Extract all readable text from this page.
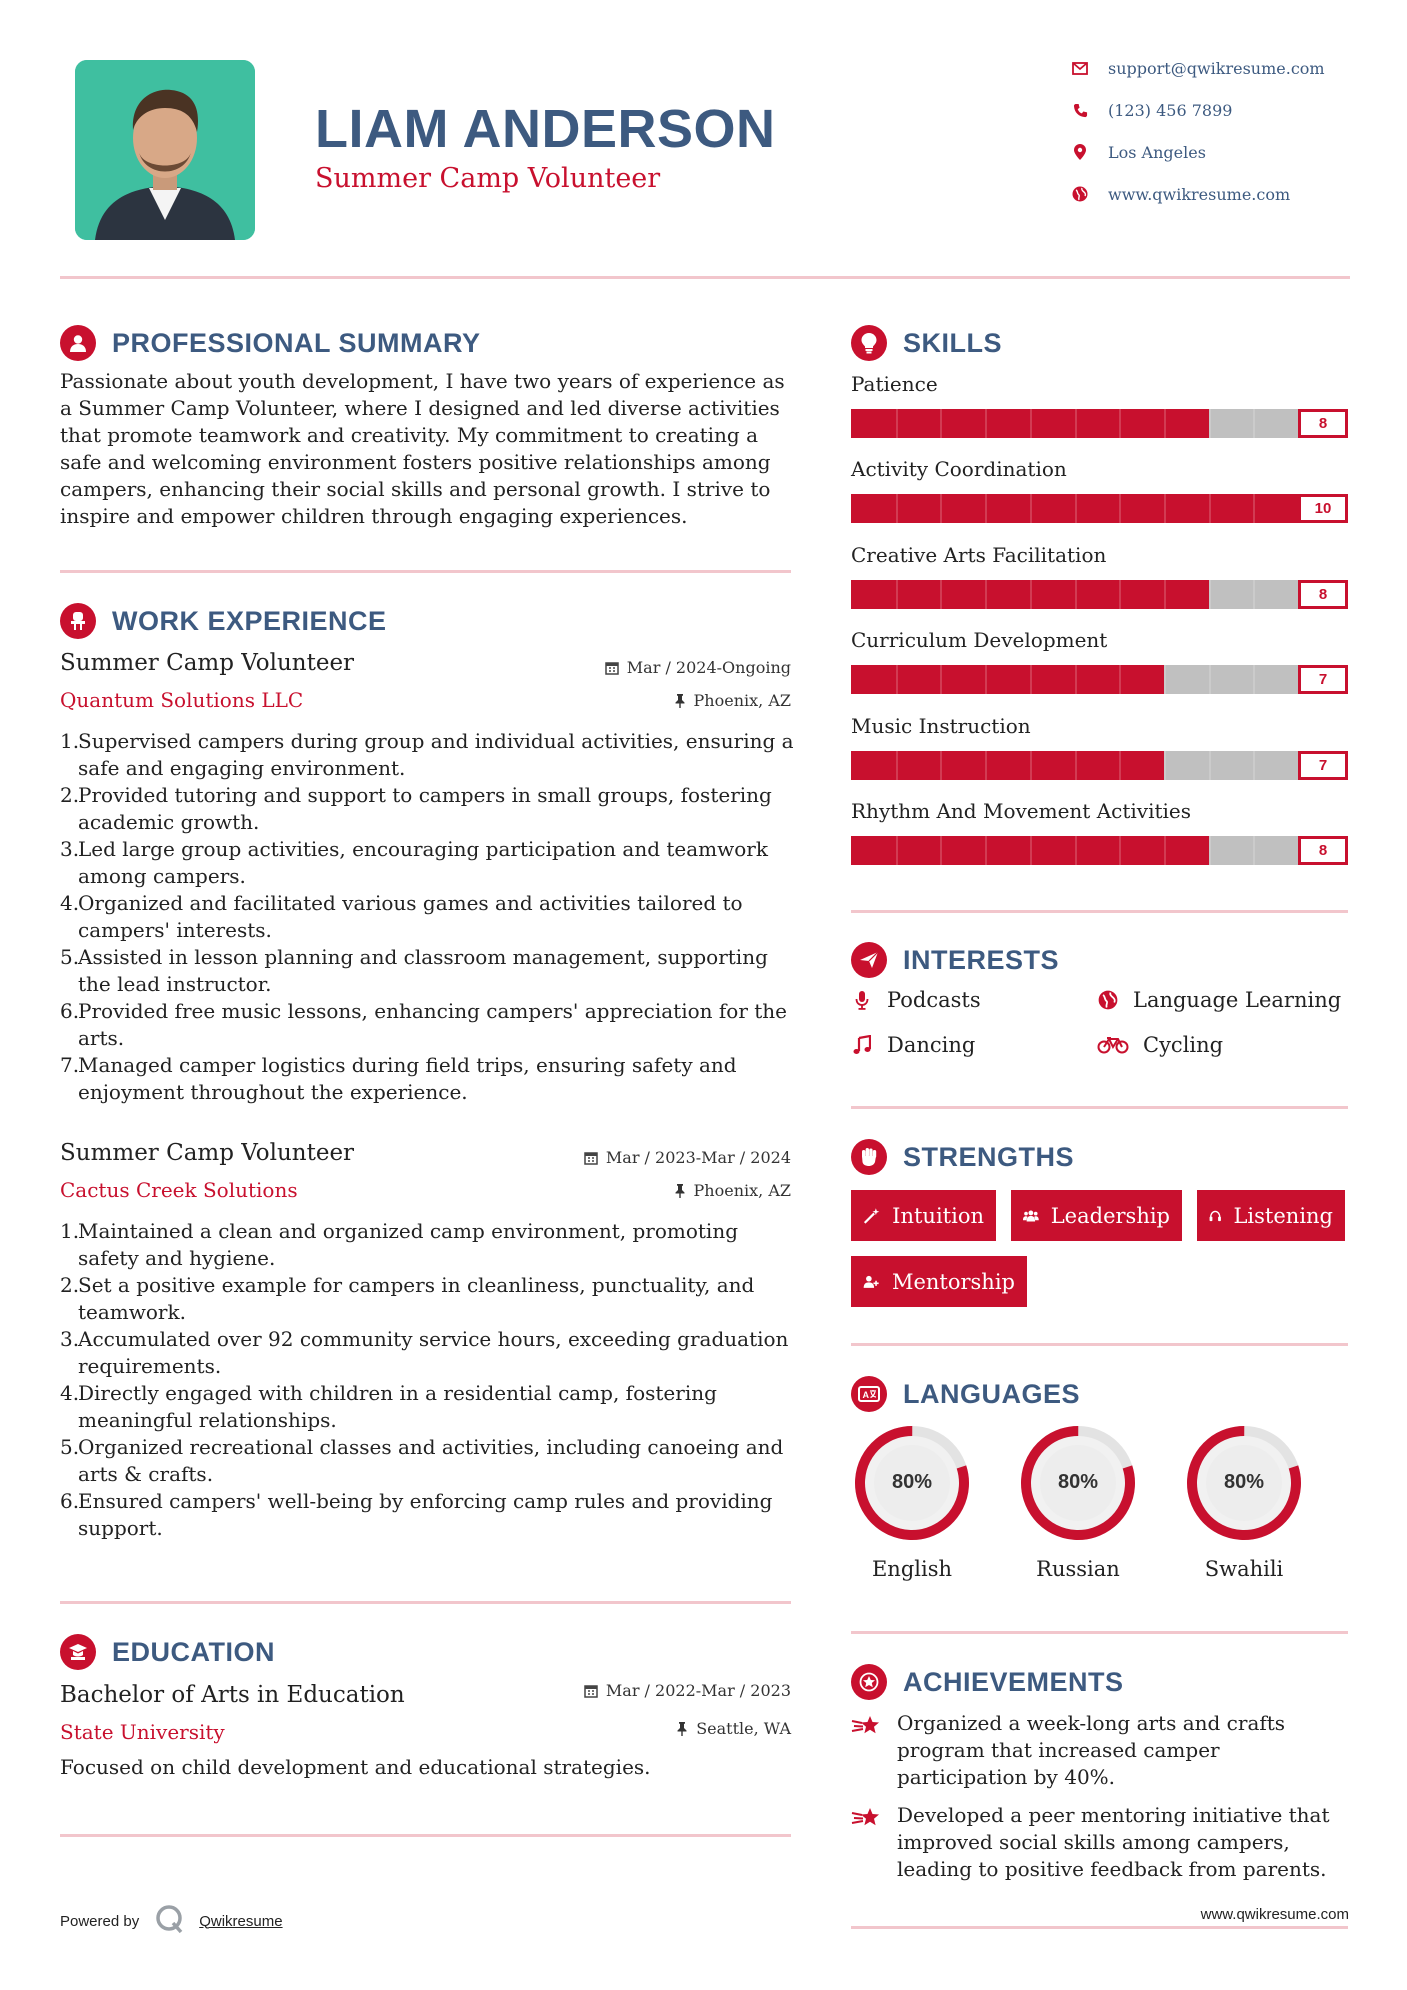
LIAM ANDERSON
Summer Camp Volunteer
support@qwikresume.com
(123) 456 7899
Los Angeles
www.qwikresume.com
PROFESSIONAL SUMMARY
Passionate about youth development, I have two years of experience as a Summer Camp Volunteer, where I designed and led diverse activities that promote teamwork and creativity. My commitment to creating a safe and welcoming environment fosters positive relationships among campers, enhancing their social skills and personal growth. I strive to inspire and empower children through engaging experiences.
WORK EXPERIENCE
Summer Camp Volunteer	Mar / 2024-Ongoing
Quantum Solutions LLC	Phoenix, AZ
1.
Supervised campers during group and individual activities, ensuring a safe and engaging environment.
2.
Provided tutoring and support to campers in small groups, fostering academic growth.
3.
Led large group activities, encouraging participation and teamwork among campers.
4.
Organized and facilitated various games and activities tailored to campers' interests.
5.
Assisted in lesson planning and classroom management, supporting the lead instructor.
6.
Provided free music lessons, enhancing campers' appreciation for the arts.
7.
Managed camper logistics during field trips, ensuring safety and enjoyment throughout the experience.
Summer Camp Volunteer	Mar / 2023-Mar / 2024
Cactus Creek Solutions	Phoenix, AZ
1.
Maintained a clean and organized camp environment, promoting safety and hygiene.
2.
Set a positive example for campers in cleanliness, punctuality, and teamwork.
3.
Accumulated over 92 community service hours, exceeding graduation requirements.
4.
Directly engaged with children in a residential camp, fostering meaningful relationships.
5.
Organized recreational classes and activities, including canoeing and arts & crafts.
6.
Ensured campers' well-being by enforcing camp rules and providing support.
EDUCATION
Bachelor of Arts in Education	Mar / 2022-Mar / 2023
State University	Seattle, WA
Focused on child development and educational strategies.
SKILLS
Patience
8
Activity Coordination
10
Creative Arts Facilitation
8
Curriculum Development
7
Music Instruction
7
Rhythm And Movement Activities
8
INTERESTS
Podcasts	Language Learning
Dancing	Cycling
STRENGTHS
Intuition	Leadership	Listening
Mentorship
A LANGUAGES
80%
English
80%
Russian
80%
Swahili
ACHIEVEMENTS
Organized a week-long arts and crafts program that increased camper participation by 40%.
Developed a peer mentoring initiative that improved social skills among campers, leading to positive feedback from parents.
Powered by	Qwikresume	www.qwikresume.com
